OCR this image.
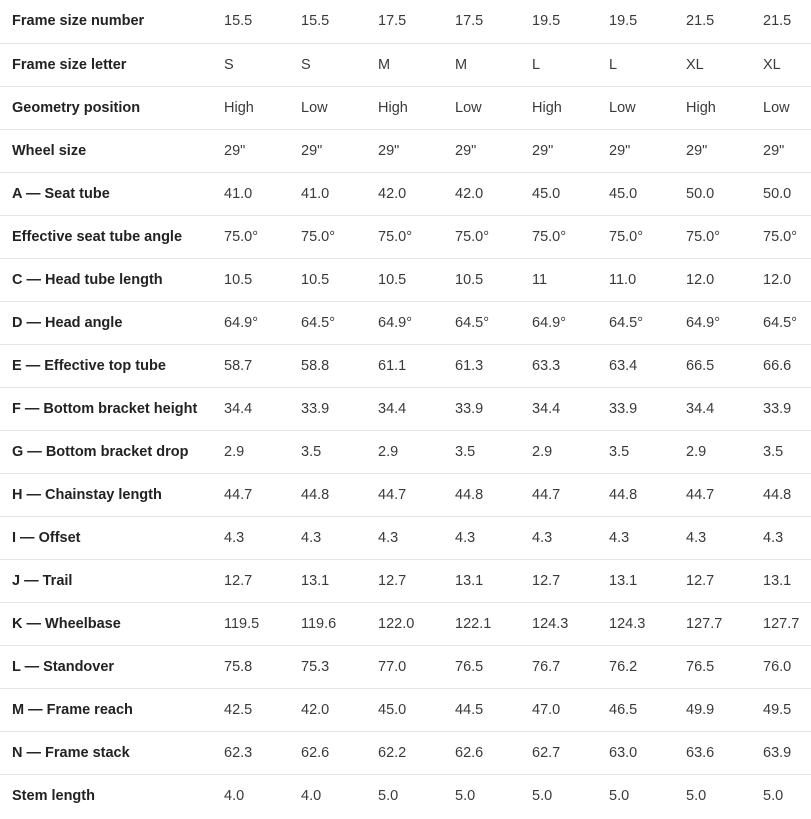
Frame size number	15.5	15.5	17.5	17.5	19.5	19.5	21.5	21.5
Frame size letter	S	S	M	M	L	L	XL	XL
Geometry position	High	Low	High	Low	High	Low	High	Low
Wheel size	29"	29"	29"	29"	29"	29"	29"	29"
A — Seat tube	41.0	41.0	42.0	42.0	45.0	45.0	50.0	50.0
Effective seat tube angle	75.0°	75.0°	75.0°	75.0°	75.0°	75.0°	75.0°	75.0°
C — Head tube length	10.5	10.5	10.5	10.5	11	11.0	12.0	12.0
D — Head angle	64.9°	64.5°	64.9°	64.5°	64.9°	64.5°	64.9°	64.5°
E — Effective top tube	58.7	58.8	61.1	61.3	63.3	63.4	66.5	66.6
F — Bottom bracket height	34.4	33.9	34.4	33.9	34.4	33.9	34.4	33.9
G — Bottom bracket drop	2.9	3.5	2.9	3.5	2.9	3.5	2.9	3.5
H — Chainstay length	44.7	44.8	44.7	44.8	44.7	44.8	44.7	44.8
I — Offset	4.3	4.3	4.3	4.3	4.3	4.3	4.3	4.3
J — Trail	12.7	13.1	12.7	13.1	12.7	13.1	12.7	13.1
K — Wheelbase	119.5	119.6	122.0	122.1	124.3	124.3	127.7	127.7
L — Standover	75.8	75.3	77.0	76.5	76.7	76.2	76.5	76.0
M — Frame reach	42.5	42.0	45.0	44.5	47.0	46.5	49.9	49.5
N — Frame stack	62.3	62.6	62.2	62.6	62.7	63.0	63.6	63.9
Stem length	4.0	4.0	5.0	5.0	5.0	5.0	5.0	5.0
